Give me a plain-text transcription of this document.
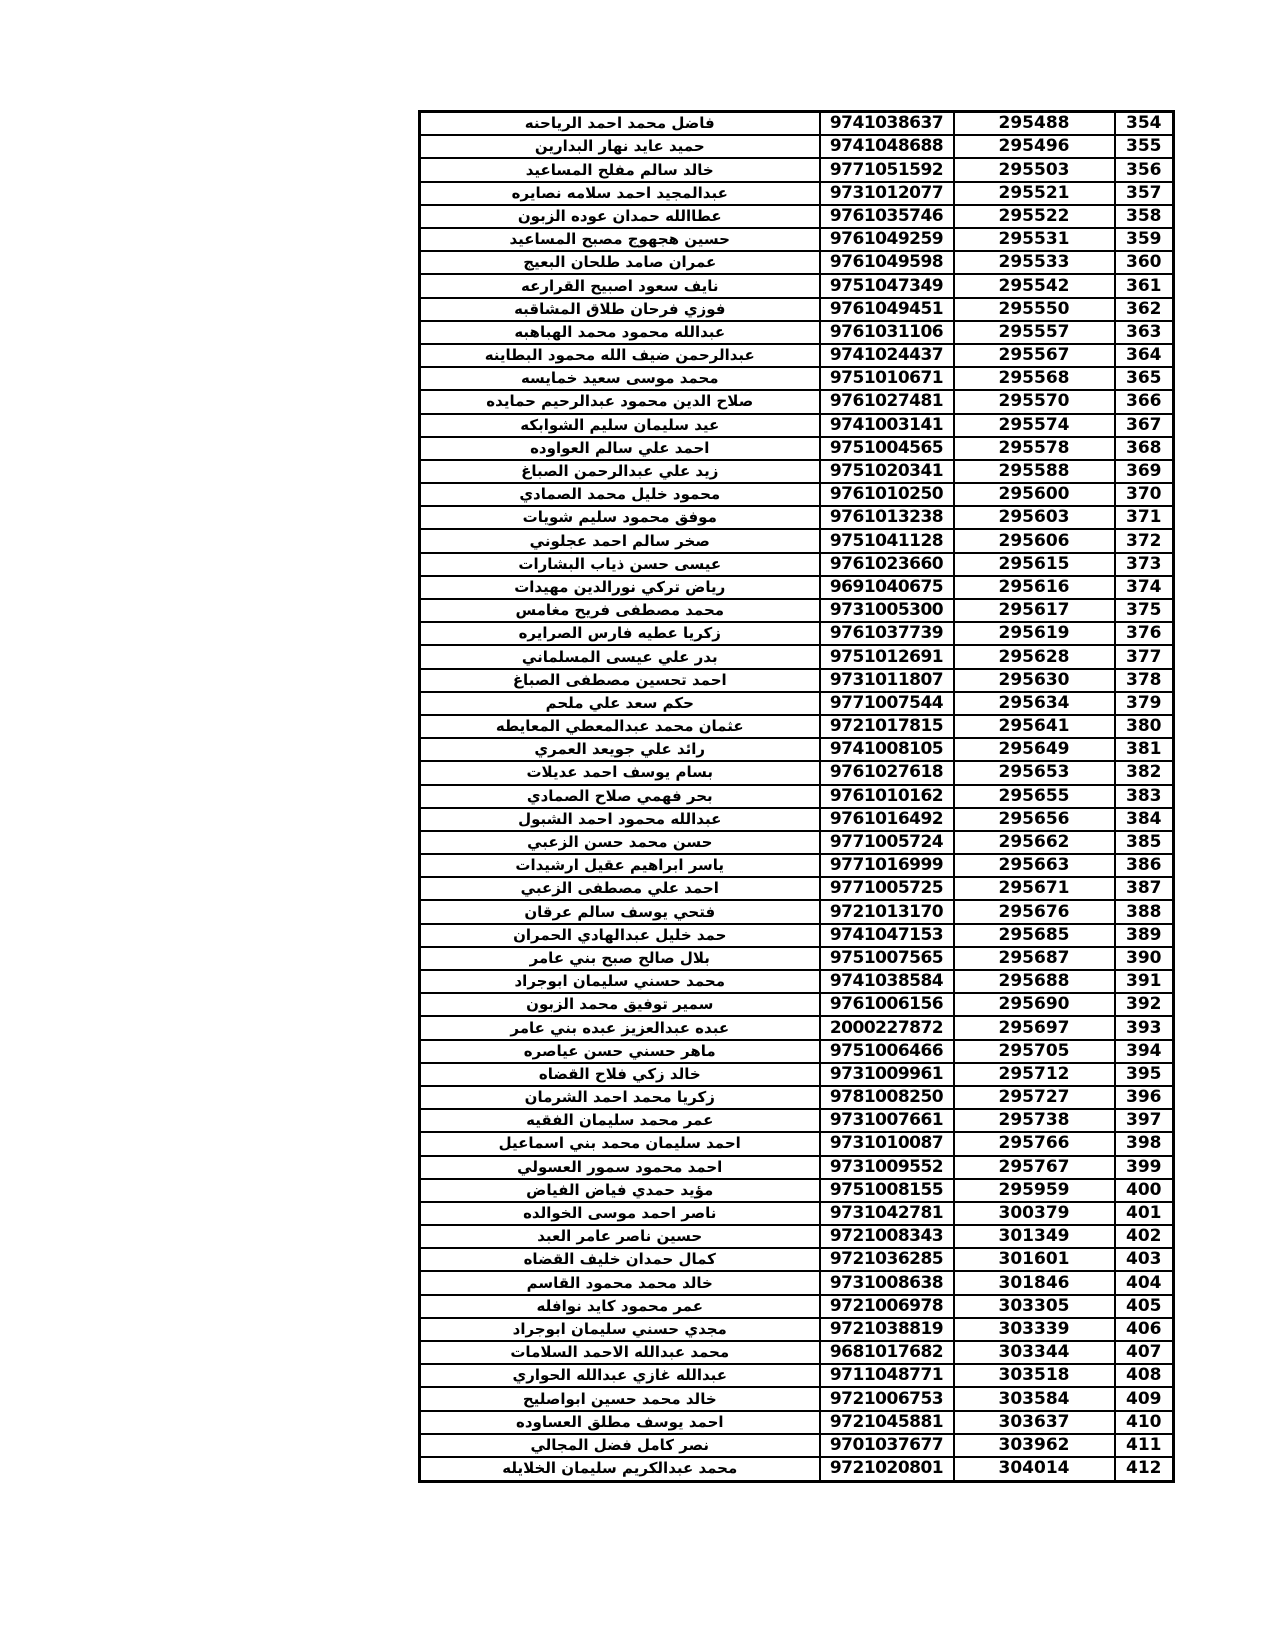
فاضل محمد احمد الرياحنه	9741038637	295488	354
حميد عايد نهار البدارين	9741048688	295496	355
خالد سالم مفلح المساعيد	9771051592	295503	356
عبدالمجيد احمد سلامه نصايره	9731012077	295521	357
عطاالله حمدان عوده الزبون	9761035746	295522	358
حسين هجهوج مصبح المساعيد	9761049259	295531	359
عمران صامد طلحان البعيج	9761049598	295533	360
نايف سعود اصبيح القرارعه	9751047349	295542	361
فوزي فرحان طلاق المشاقبه	9761049451	295550	362
عبدالله محمود محمد الهباهبه	9761031106	295557	363
عبدالرحمن ضيف الله محمود البطاينه	9741024437	295567	364
محمد موسى سعيد خمايسه	9751010671	295568	365
صلاح الدين محمود عبدالرحيم حمايده	9761027481	295570	366
عيد سليمان سليم الشوابكه	9741003141	295574	367
احمد علي سالم العواوده	9751004565	295578	368
زيد علي عبدالرحمن الصباغ	9751020341	295588	369
محمود خليل محمد الصمادي	9761010250	295600	370
موفق محمود سليم شويات	9761013238	295603	371
صخر سالم احمد عجلوني	9751041128	295606	372
عيسى حسن ذياب البشارات	9761023660	295615	373
رياض تركي نورالدين مهيدات	9691040675	295616	374
محمد مصطفى فريح مغامس	9731005300	295617	375
زكريا عطيه فارس الصرايره	9761037739	295619	376
بدر علي عيسى المسلماني	9751012691	295628	377
احمد تحسين مصطفى الصباغ	9731011807	295630	378
حكم سعد علي ملحم	9771007544	295634	379
عثمان محمد عبدالمعطي المعايطه	9721017815	295641	380
رائد علي جويعد العمري	9741008105	295649	381
بسام يوسف احمد عديلات	9761027618	295653	382
بحر فهمي صلاح الصمادي	9761010162	295655	383
عبدالله محمود احمد الشبول	9761016492	295656	384
حسن محمد حسن الزعبي	9771005724	295662	385
ياسر ابراهيم عقيل ارشيدات	9771016999	295663	386
احمد علي مصطفى الزعبي	9771005725	295671	387
فتحي يوسف سالم عرقان	9721013170	295676	388
حمد خليل عبدالهادي الحمران	9741047153	295685	389
بلال صالح صبح بني عامر	9751007565	295687	390
محمد حسني سليمان ابوجراد	9741038584	295688	391
سمير توفيق محمد الزبون	9761006156	295690	392
عبده عبدالعزيز عبده بني عامر	2000227872	295697	393
ماهر حسني حسن عياصره	9751006466	295705	394
خالد زكي فلاح القضاه	9731009961	295712	395
زكريا محمد احمد الشرمان	9781008250	295727	396
عمر محمد سليمان الفقيه	9731007661	295738	397
احمد سليمان محمد بني اسماعيل	9731010087	295766	398
احمد محمود سمور العسولي	9731009552	295767	399
مؤيد حمدي فياض الفياض	9751008155	295959	400
ناصر احمد موسى الخوالده	9731042781	300379	401
حسين ناصر عامر العبد	9721008343	301349	402
كمال حمدان خليف القضاه	9721036285	301601	403
خالد محمد محمود القاسم	9731008638	301846	404
عمر محمود كايد نوافله	9721006978	303305	405
مجدي حسني سليمان ابوجراد	9721038819	303339	406
محمد عبدالله الاحمد السلامات	9681017682	303344	407
عبدالله غازي عبدالله الحواري	9711048771	303518	408
خالد محمد حسين ابواصليح	9721006753	303584	409
احمد يوسف مطلق العساوده	9721045881	303637	410
نصر كامل فضل المجالي	9701037677	303962	411
محمد عبدالكريم سليمان الخلايله	9721020801	304014	412
